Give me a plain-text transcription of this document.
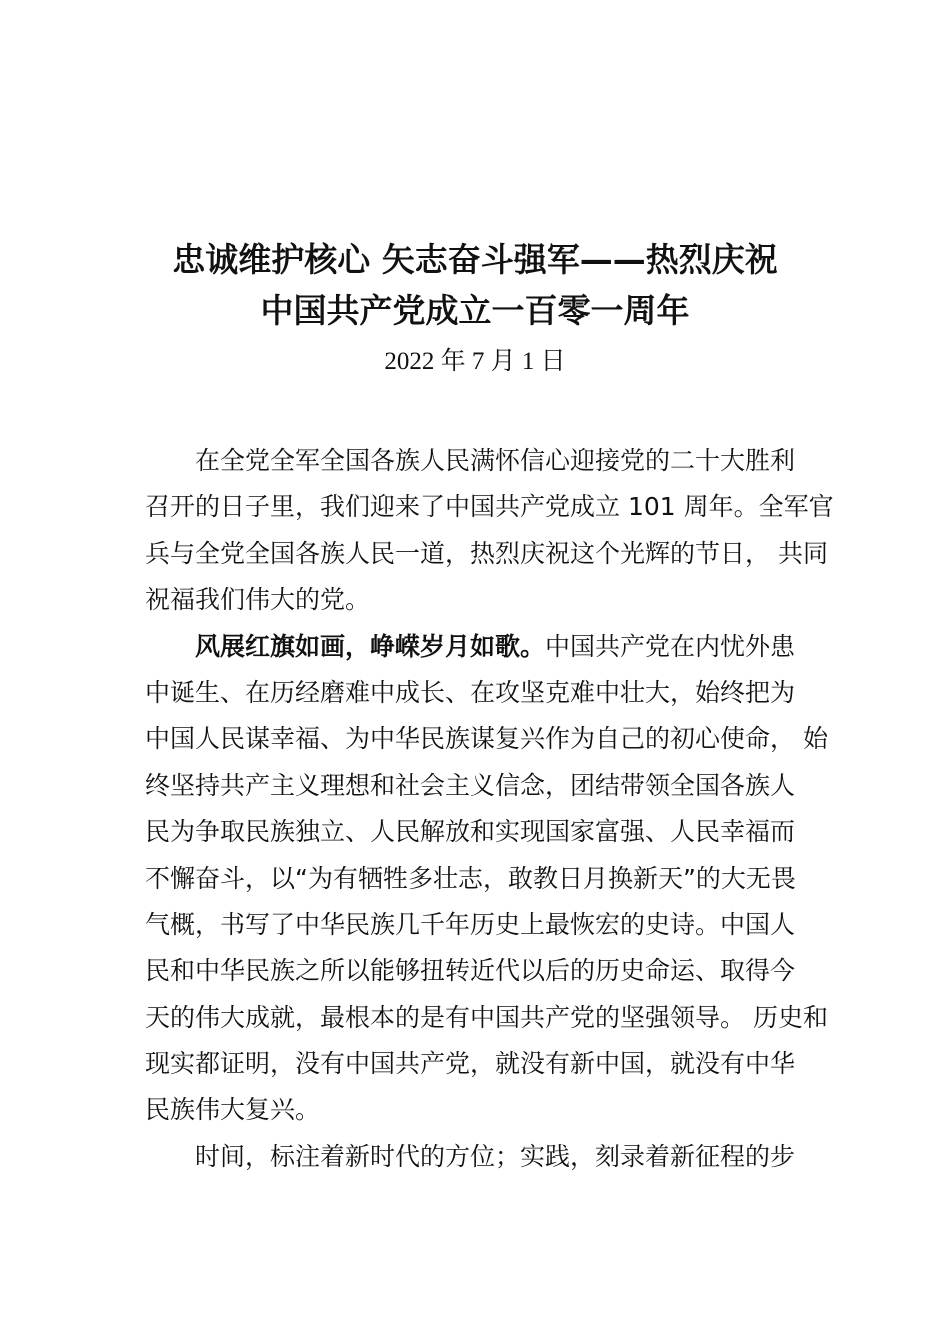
忠诚维护核心 矢志奋斗强军——热烈庆祝
中国共产党成立一百零一周年
2022 年 7 月 1 日
在全党全军全国各族人民满怀信心迎接党的二十大胜利
召开的日子里，我们迎来了中国共产党成立 101 周年。全军官
兵与全党全国各族人民一道，热烈庆祝这个光辉的节日， 共同
祝福我们伟大的党。
风展红旗如画，峥嵘岁月如歌。中国共产党在内忧外患
中诞生、在历经磨难中成长、在攻坚克难中壮大，始终把为
中国人民谋幸福、为中华民族谋复兴作为自己的初心使命， 始
终坚持共产主义理想和社会主义信念，团结带领全国各族人
民为争取民族独立、人民解放和实现国家富强、人民幸福而
不懈奋斗，以“为有牺牲多壮志，敢教日月换新天”的大无畏
气概，书写了中华民族几千年历史上最恢宏的史诗。中国人
民和中华民族之所以能够扭转近代以后的历史命运、取得今
天的伟大成就，最根本的是有中国共产党的坚强领导。 历史和
现实都证明，没有中国共产党，就没有新中国，就没有中华
民族伟大复兴。
时间，标注着新时代的方位；实践，刻录着新征程的步
